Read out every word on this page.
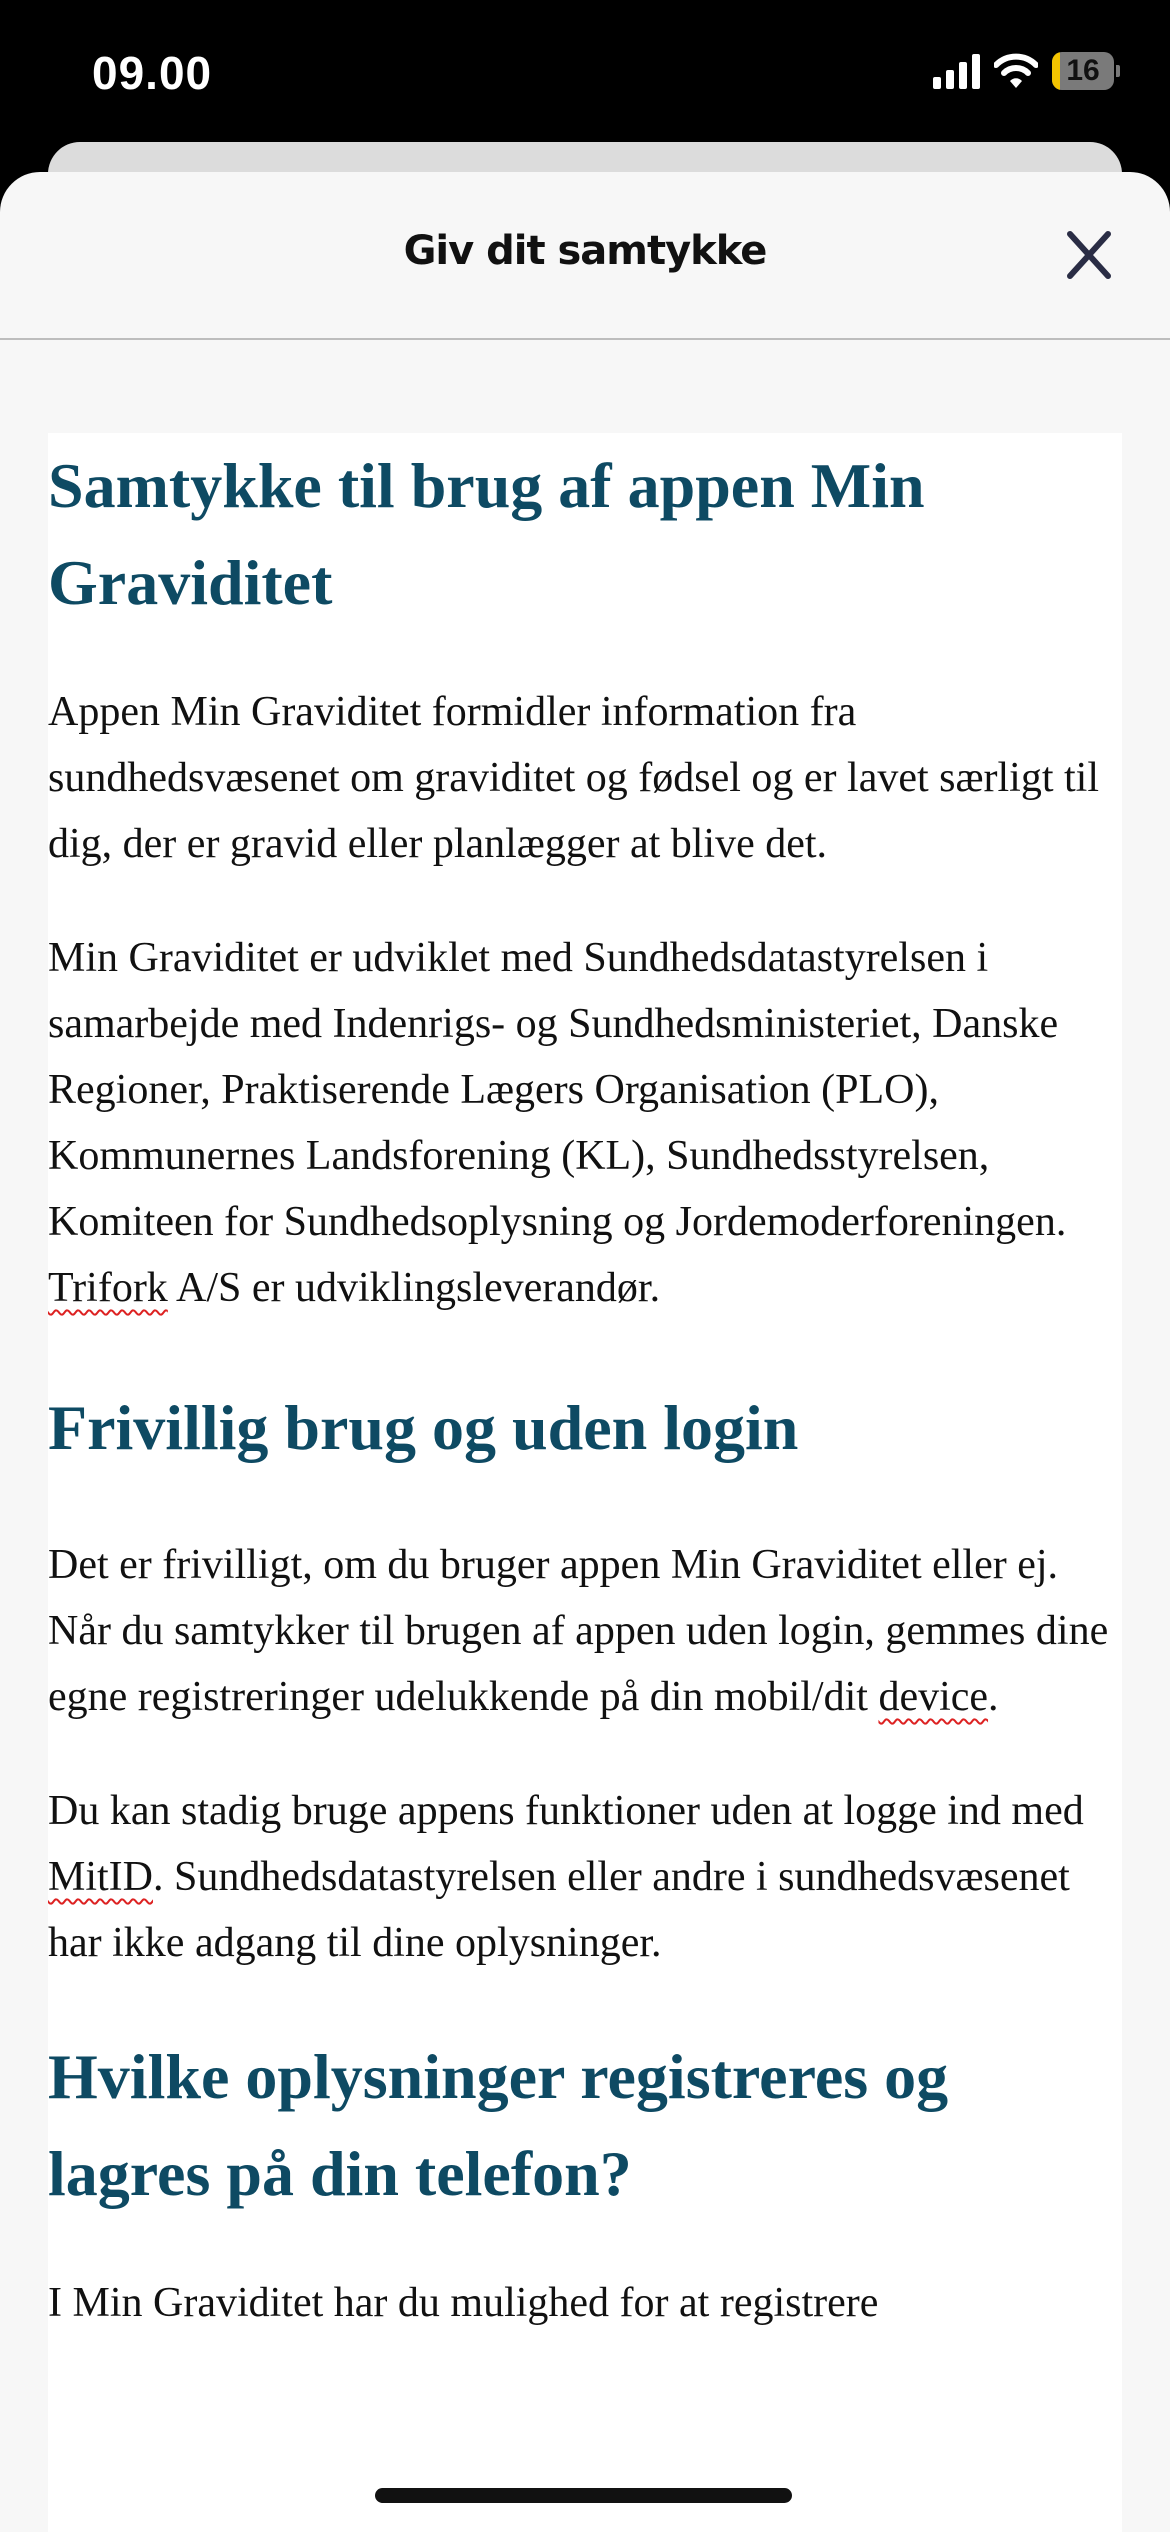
09.00	16
Giv dit samtykke
Samtykke til brug af appen Min Graviditet

Appen Min Graviditet formidler information fra sundhedsvæsenet om graviditet og fødsel og er lavet særligt til dig, der er gravid eller planlægger at blive det.

Min Graviditet er udviklet med Sundhedsdatastyrelsen i samarbejde med Indenrigs- og Sundhedsministeriet, Danske Regioner, Praktiserende Lægers Organisation (PLO), Kommunernes Landsforening (KL), Sundhedsstyrelsen, Komiteen for Sundhedsoplysning og Jordemoderforeningen. Trifork A/S er udviklingsleverandør.

Frivillig brug og uden login

Det er frivilligt, om du bruger appen Min Graviditet eller ej. Når du samtykker til brugen af appen uden login, gemmes dine egne registreringer udelukkende på din mobil/dit device.

Du kan stadig bruge appens funktioner uden at logge ind med MitID. Sundhedsdatastyrelsen eller andre i sundhedsvæsenet har ikke adgang til dine oplysninger.

Hvilke oplysninger registreres og lagres på din telefon?

I Min Graviditet har du mulighed for at registrere
